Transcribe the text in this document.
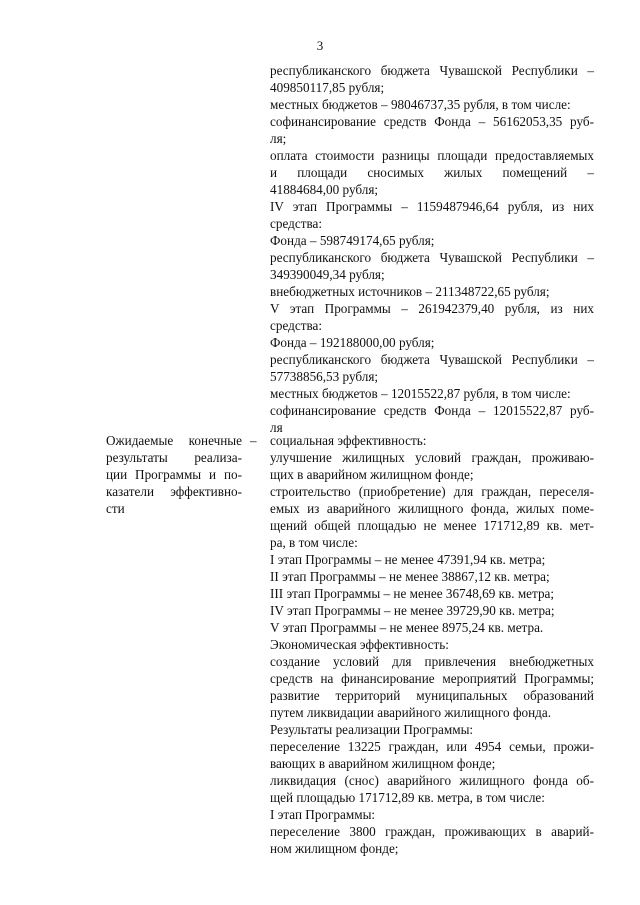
3
республиканского бюджета Чувашской Республики –
409850117,85 рубля;
местных бюджетов – 98046737,35 рубля, в том числе:
софинансирование средств Фонда – 56162053,35 руб-
ля;
оплата стоимости разницы площади предоставляемых
и площади сносимых жилых помещений –
41884684,00 рубля;
IV этап Программы – 1159487946,64 рубля, из них
средства:
Фонда – 598749174,65 рубля;
республиканского бюджета Чувашской Республики –
349390049,34 рубля;
внебюджетных источников – 211348722,65 рубля;
V этап Программы – 261942379,40 рубля, из них
средства:
Фонда – 192188000,00 рубля;
республиканского бюджета Чувашской Республики –
57738856,53 рубля;
местных бюджетов – 12015522,87 рубля, в том числе:
софинансирование средств Фонда – 12015522,87 руб-
ля
Ожидаемые конечные
результаты реализа-
ции Программы и по-
казатели эффективно-
сти
– социальная эффективность:
улучшение жилищных условий граждан, проживаю-
щих в аварийном жилищном фонде;
строительство (приобретение) для граждан, переселя-
емых из аварийного жилищного фонда, жилых поме-
щений общей площадью не менее 171712,89 кв. мет-
ра, в том числе:
I этап Программы – не менее 47391,94 кв. метра;
II этап Программы – не менее 38867,12 кв. метра;
III этап Программы – не менее 36748,69 кв. метра;
IV этап Программы – не менее 39729,90 кв. метра;
V этап Программы – не менее 8975,24 кв. метра.
Экономическая эффективность:
создание условий для привлечения внебюджетных
средств на финансирование мероприятий Программы;
развитие территорий муниципальных образований
путем ликвидации аварийного жилищного фонда.
Результаты реализации Программы:
переселение 13225 граждан, или 4954 семьи, прожи-
вающих в аварийном жилищном фонде;
ликвидация (снос) аварийного жилищного фонда об-
щей площадью 171712,89 кв. метра, в том числе:
I этап Программы:
переселение 3800 граждан, проживающих в аварий-
ном жилищном фонде;
